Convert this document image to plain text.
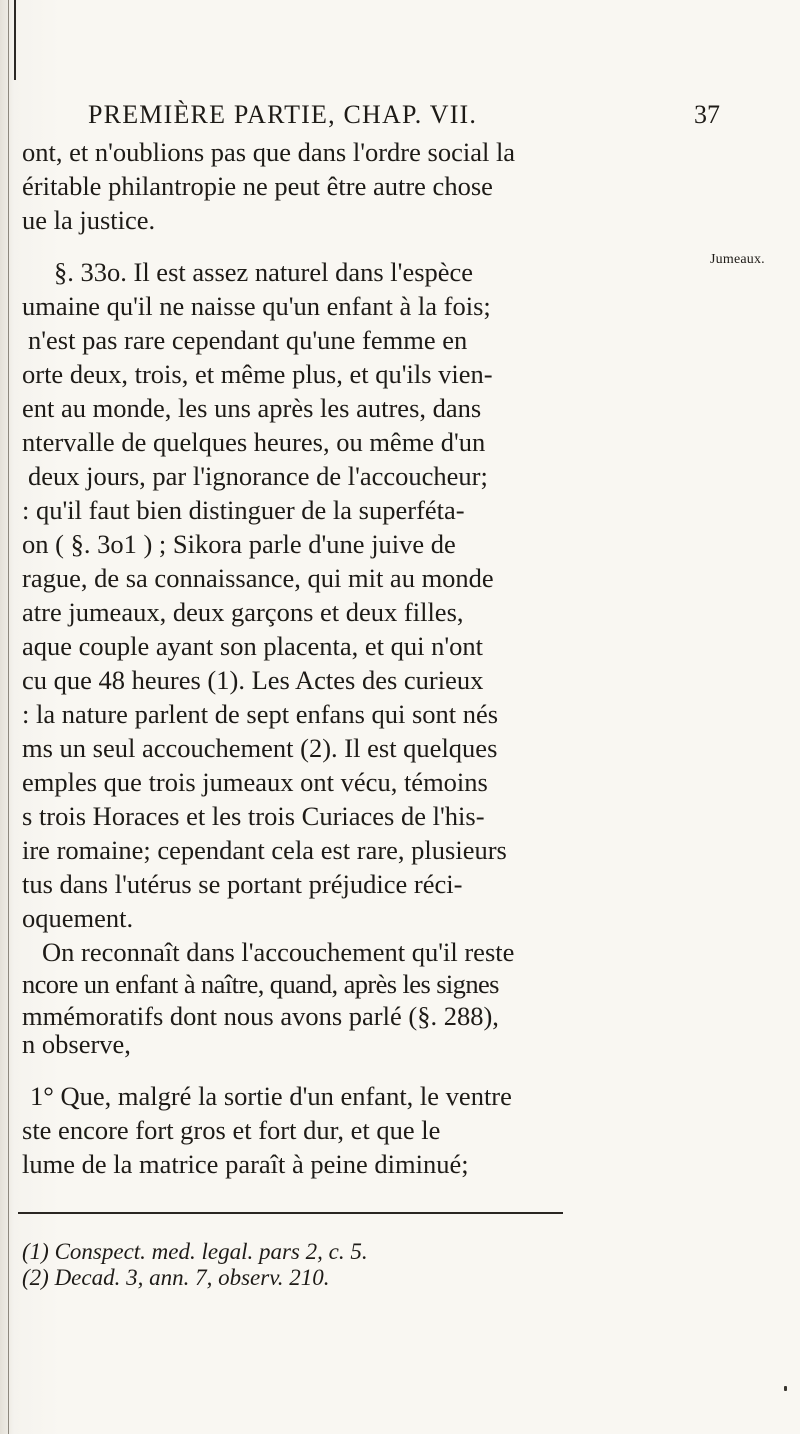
PREMIÈRE PARTIE, CHAP. VII.	37
Jumeaux.
ont, et n'oublions pas que dans l'ordre social la
éritable philantropie ne peut être autre chose
ue la justice.
§. 33o. Il est assez naturel dans l'espèce
umaine qu'il ne naisse qu'un enfant à la fois;
n'est pas rare cependant qu'une femme en
orte deux, trois, et même plus, et qu'ils vien-
ent au monde, les uns après les autres, dans
ntervalle de quelques heures, ou même d'un
deux jours, par l'ignorance de l'accoucheur;
: qu'il faut bien distinguer de la superféta-
on ( §. 3o1 ) ; Sikora parle d'une juive de
rague, de sa connaissance, qui mit au monde
atre jumeaux, deux garçons et deux filles,
aque couple ayant son placenta, et qui n'ont
cu que 48 heures (1). Les Actes des curieux
: la nature parlent de sept enfans qui sont nés
ms un seul accouchement (2). Il est quelques
emples que trois jumeaux ont vécu, témoins
s trois Horaces et les trois Curiaces de l'his-
ire romaine; cependant cela est rare, plusieurs
tus dans l'utérus se portant préjudice réci-
oquement.
On reconnaît dans l'accouchement qu'il reste
ncore un enfant à naître, quand, après les signes
mmémoratifs dont nous avons parlé (§. 288),
n observe,
1° Que, malgré la sortie d'un enfant, le ventre
ste encore fort gros et fort dur, et que le
lume de la matrice paraît à peine diminué;
(1) Conspect. med. legal. pars 2, c. 5.
(2) Decad. 3, ann. 7, observ. 210.
